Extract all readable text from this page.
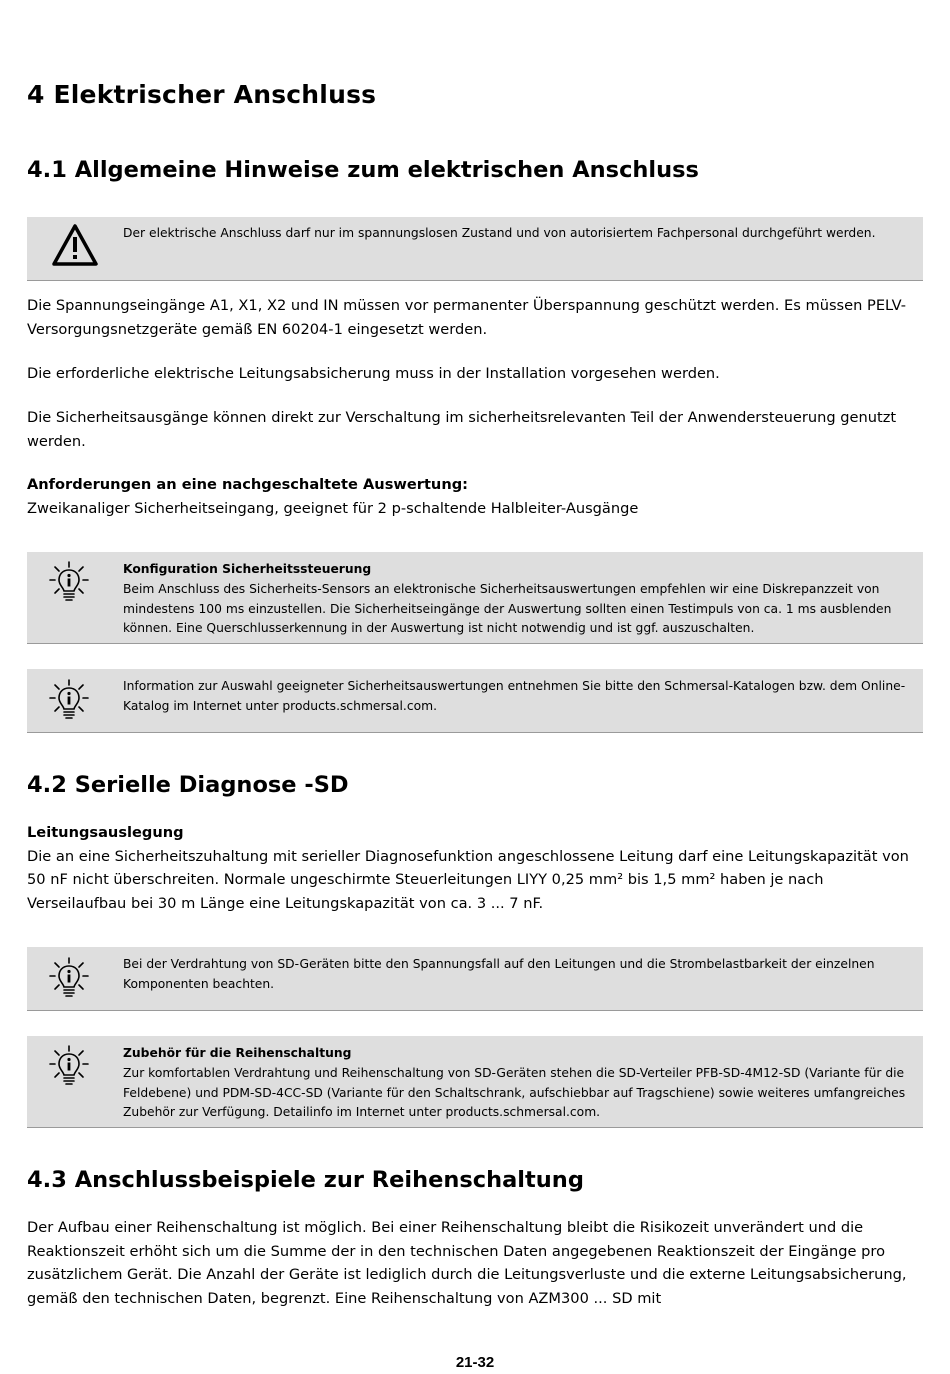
4 Elektrischer Anschluss
4.1 Allgemeine Hinweise zum elektrischen Anschluss
Der elektrische Anschluss darf nur im spannungslosen Zustand und von autorisiertem Fachpersonal durchgeführt werden.

Die Spannungseingänge A1, X1, X2 und IN müssen vor permanenter Überspannung geschützt werden. Es müssen PELV-Versorgungsnetzgeräte gemäß EN 60204-1 eingesetzt werden.

Die erforderliche elektrische Leitungsabsicherung muss in der Installation vorgesehen werden.

Die Sicherheitsausgänge können direkt zur Verschaltung im sicherheitsrelevanten Teil der Anwendersteuerung genutzt werden.

Anforderungen an eine nachgeschaltete Auswertung:
Zweikanaliger Sicherheitseingang, geeignet für 2 p-schaltende Halbleiter-Ausgänge
Konfiguration Sicherheitssteuerung
Beim Anschluss des Sicherheits-Sensors an elektronische Sicherheitsauswertungen empfehlen wir eine Diskrepanzzeit von mindestens 100 ms einzustellen. Die Sicherheitseingänge der Auswertung sollten einen Testimpuls von ca. 1 ms ausblenden können. Eine Querschlusserkennung in der Auswertung ist nicht notwendig und ist ggf. auszuschalten.
Information zur Auswahl geeigneter Sicherheitsauswertungen entnehmen Sie bitte den Schmersal-Katalogen bzw. dem Online-Katalog im Internet unter products.schmersal.com.
4.2 Serielle Diagnose -SD
Leitungsauslegung
Die an eine Sicherheitszuhaltung mit serieller Diagnosefunktion angeschlossene Leitung darf eine Leitungskapazität von 50 nF nicht überschreiten. Normale ungeschirmte Steuerleitungen LIYY 0,25 mm² bis 1,5 mm² haben je nach Verseilaufbau bei 30 m Länge eine Leitungskapazität von ca. 3 ... 7 nF.
Bei der Verdrahtung von SD-Geräten bitte den Spannungsfall auf den Leitungen und die Strombelastbarkeit der einzelnen Komponenten beachten.
Zubehör für die Reihenschaltung
Zur komfortablen Verdrahtung und Reihenschaltung von SD-Geräten stehen die SD-Verteiler PFB-SD-4M12-SD (Variante für die Feldebene) und PDM-SD-4CC-SD (Variante für den Schaltschrank, aufschiebbar auf Tragschiene) sowie weiteres umfangreiches Zubehör zur Verfügung. Detailinfo im Internet unter products.schmersal.com.
4.3 Anschlussbeispiele zur Reihenschaltung

Der Aufbau einer Reihenschaltung ist möglich. Bei einer Reihenschaltung bleibt die Risikozeit unverändert und die Reaktionszeit erhöht sich um die Summe der in den technischen Daten angegebenen Reaktionszeit der Eingänge pro zusätzlichem Gerät. Die Anzahl der Geräte ist lediglich durch die Leitungsverluste und die externe Leitungsabsicherung, gemäß den technischen Daten, begrenzt. Eine Reihenschaltung von AZM300 ... SD mit

21-32
